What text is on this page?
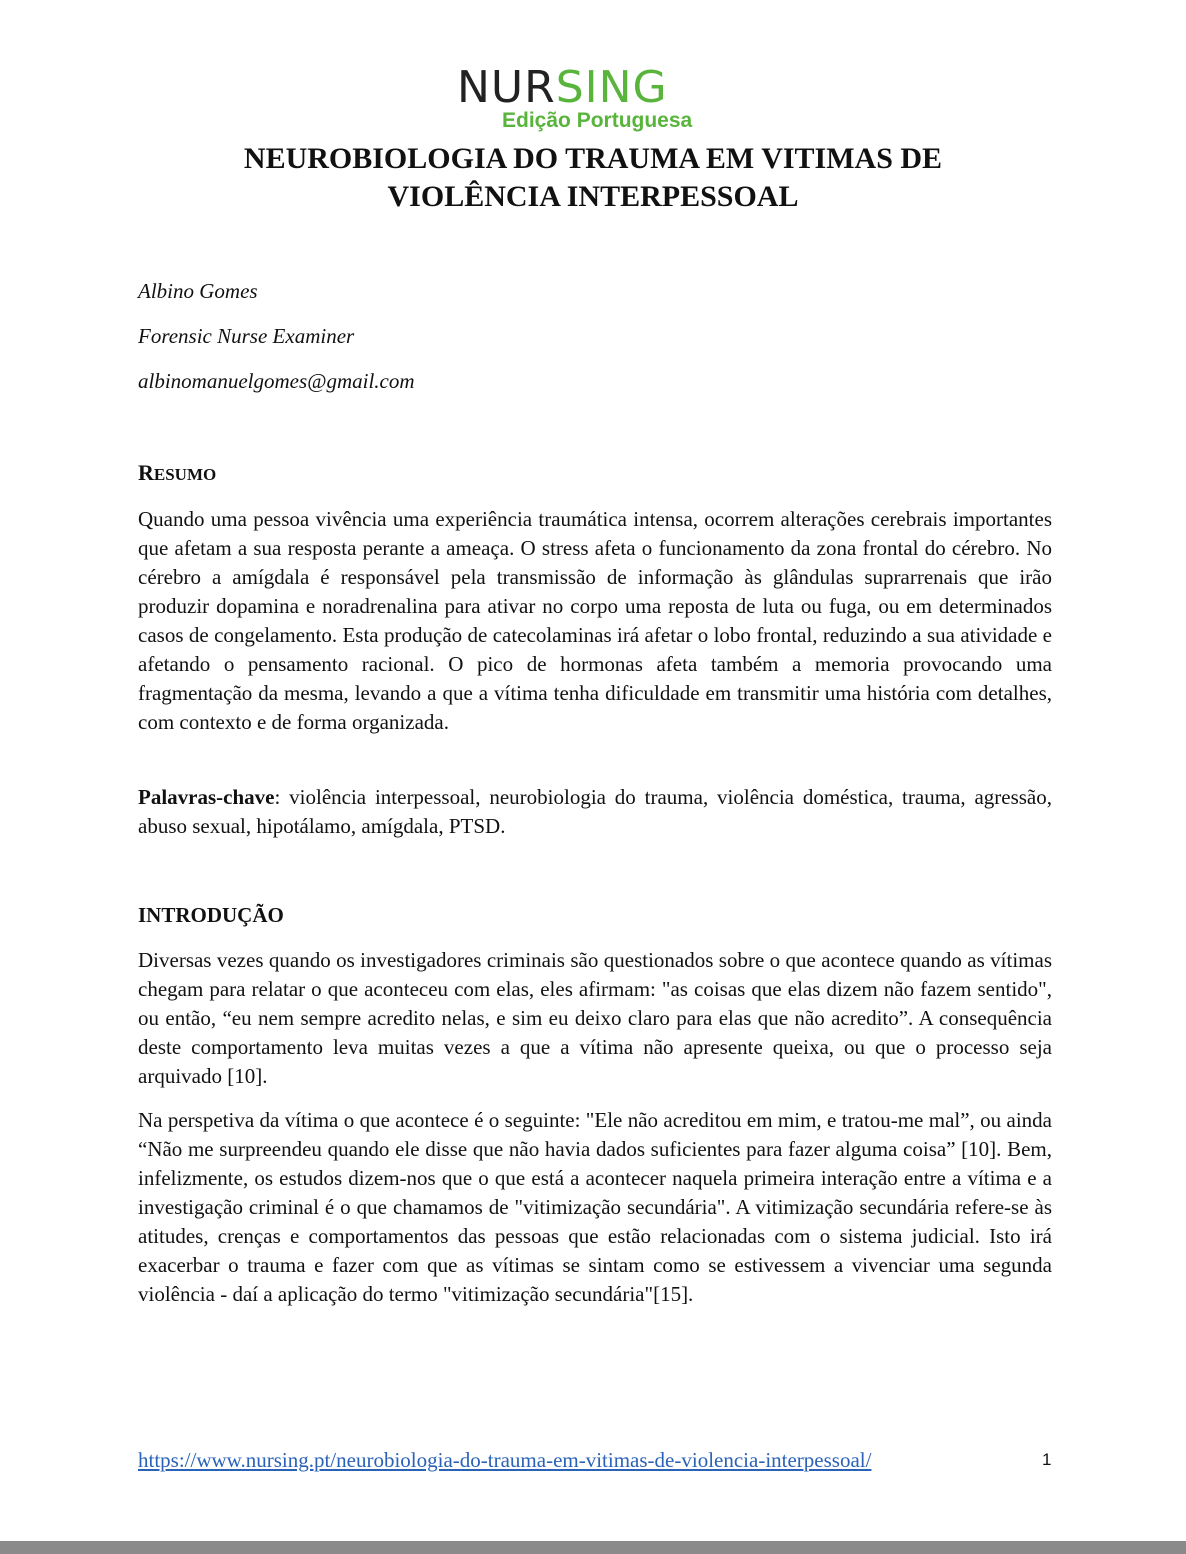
NURSING
Edição Portuguesa
NEUROBIOLOGIA DO TRAUMA EM VITIMAS DE
VIOLÊNCIA INTERPESSOAL
Albino Gomes
Forensic Nurse Examiner
albinomanuelgomes@gmail.com
RESUMO

Quando uma pessoa vivência uma experiência traumática intensa, ocorrem alterações cerebrais importantes que afetam a sua resposta perante a ameaça. O stress afeta o funcionamento da zona frontal do cérebro. No cérebro a amígdala é responsável pela transmissão de informação às glândulas suprarrenais que irão produzir dopamina e noradrenalina para ativar no corpo uma reposta de luta ou fuga, ou em determinados casos de congelamento. Esta produção de catecolaminas irá afetar o lobo frontal, reduzindo a sua atividade e afetando o pensamento racional. O pico de hormonas afeta também a memoria provocando uma fragmentação da mesma, levando a que a vítima tenha dificuldade em transmitir uma história com detalhes, com contexto e de forma organizada.

Palavras-chave: violência interpessoal, neurobiologia do trauma, violência doméstica, trauma, agressão, abuso sexual, hipotálamo, amígdala, PTSD.

INTRODUÇÃO

Diversas vezes quando os investigadores criminais são questionados sobre o que acontece quando as vítimas chegam para relatar o que aconteceu com elas, eles afirmam: "as coisas que elas dizem não fazem sentido", ou então, “eu nem sempre acredito nelas, e sim eu deixo claro para elas que não acredito”. A consequência deste comportamento leva muitas vezes a que a vítima não apresente queixa, ou que o processo seja arquivado [10].

Na perspetiva da vítima o que acontece é o seguinte: "Ele não acreditou em mim, e tratou-me mal”, ou ainda “Não me surpreendeu quando ele disse que não havia dados suficientes para fazer alguma coisa” [10]. Bem, infelizmente, os estudos dizem-nos que o que está a acontecer naquela primeira interação entre a vítima e a investigação criminal é o que chamamos de "vitimização secundária". A vitimização secundária refere-se às atitudes, crenças e comportamentos das pessoas que estão relacionadas com o sistema judicial. Isto irá exacerbar o trauma e fazer com que as vítimas se sintam como se estivessem a vivenciar uma segunda violência - daí a aplicação do termo "vitimização secundária"[15].

https://www.nursing.pt/neurobiologia-do-trauma-em-vitimas-de-violencia-interpessoal/	1
